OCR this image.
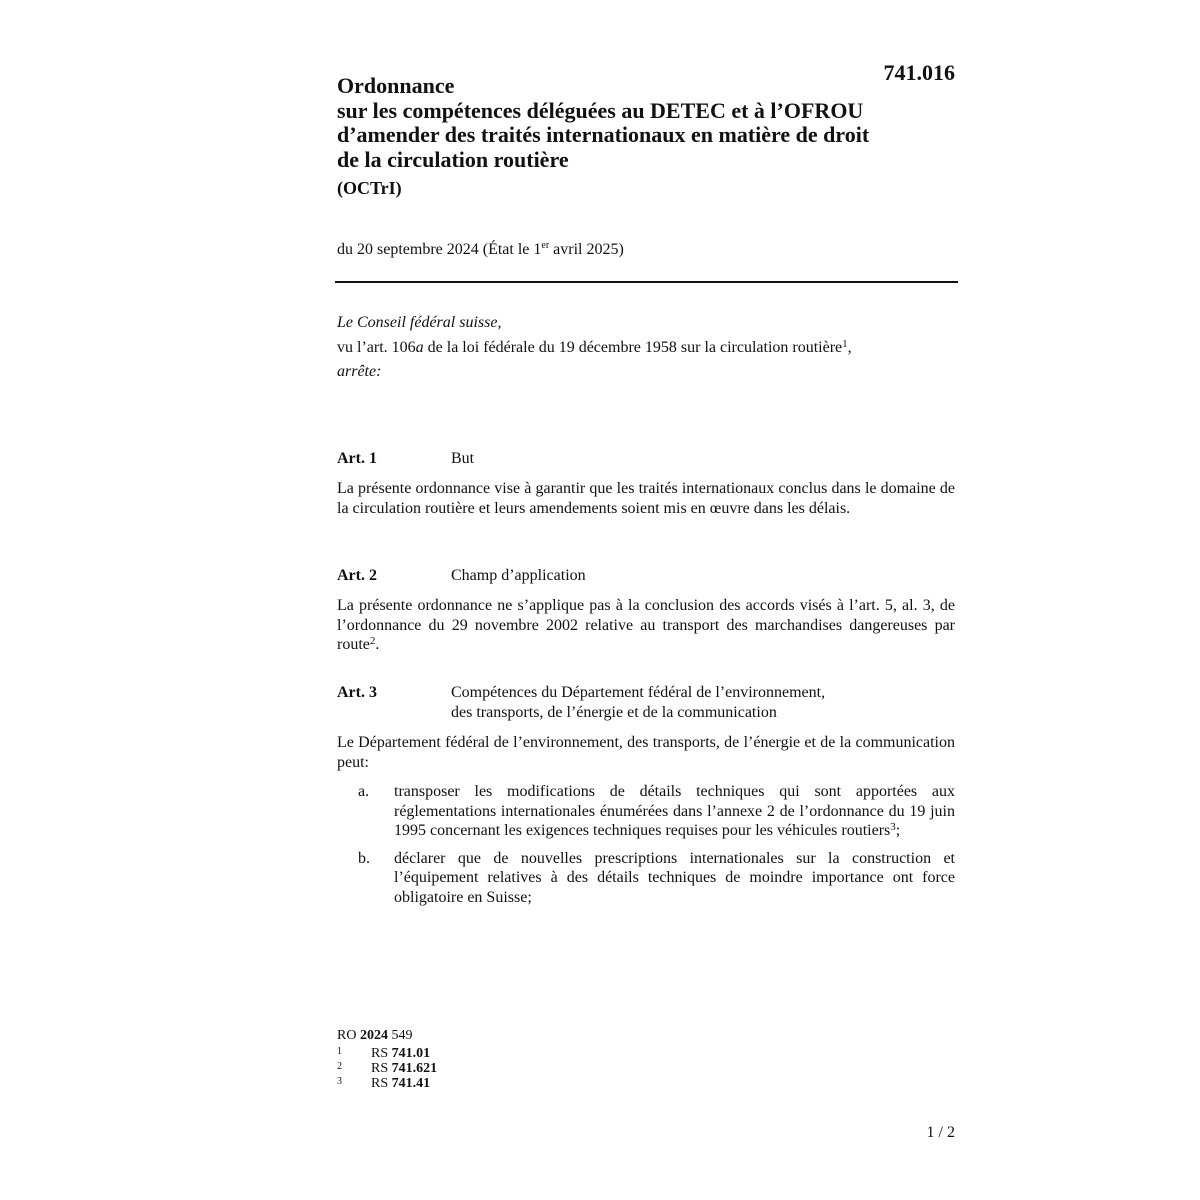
741.016
Ordonnance
sur les compétences déléguées au DETEC et à l’OFROU
d’amender des traités internationaux en matière de droit
de la circulation routière
(OCTrI)
du 20 septembre 2024 (État le 1er avril 2025)

Le Conseil fédéral suisse,

vu l’art. 106a de la loi fédérale du 19 décembre 1958 sur la circulation routière$^1$,

arrête:

Art. 1	But

La présente ordonnance vise à garantir que les traités internationaux conclus dans le domaine de la circulation routière et leurs amendements soient mis en œuvre dans les délais.

Art. 2	Champ d’application

La présente ordonnance ne s’applique pas à la conclusion des accords visés à l’art. 5, al. 3, de l’ordonnance du 29 novembre 2002 relative au transport des marchandises dangereuses par route$^2$.

Art. 3	Compétences du Département fédéral de l’environnement,
des transports, de l’énergie et de la communication

Le Département fédéral de l’environnement, des transports, de l’énergie et de la communication peut:

a.	transposer les modifications de détails techniques qui sont apportées aux réglementations internationales énumérées dans l’annexe 2 de l’ordonnance du 19 juin 1995 concernant les exigences techniques requises pour les véhicules routiers$^3$;
b.	déclarer que de nouvelles prescriptions internationales sur la construction et l’équipement relatives à des détails techniques de moindre importance ont force obligatoire en Suisse;
RO 2024 549
1	RS
741.01
2	RS
741.621
3	RS
741.41
1 / 2
